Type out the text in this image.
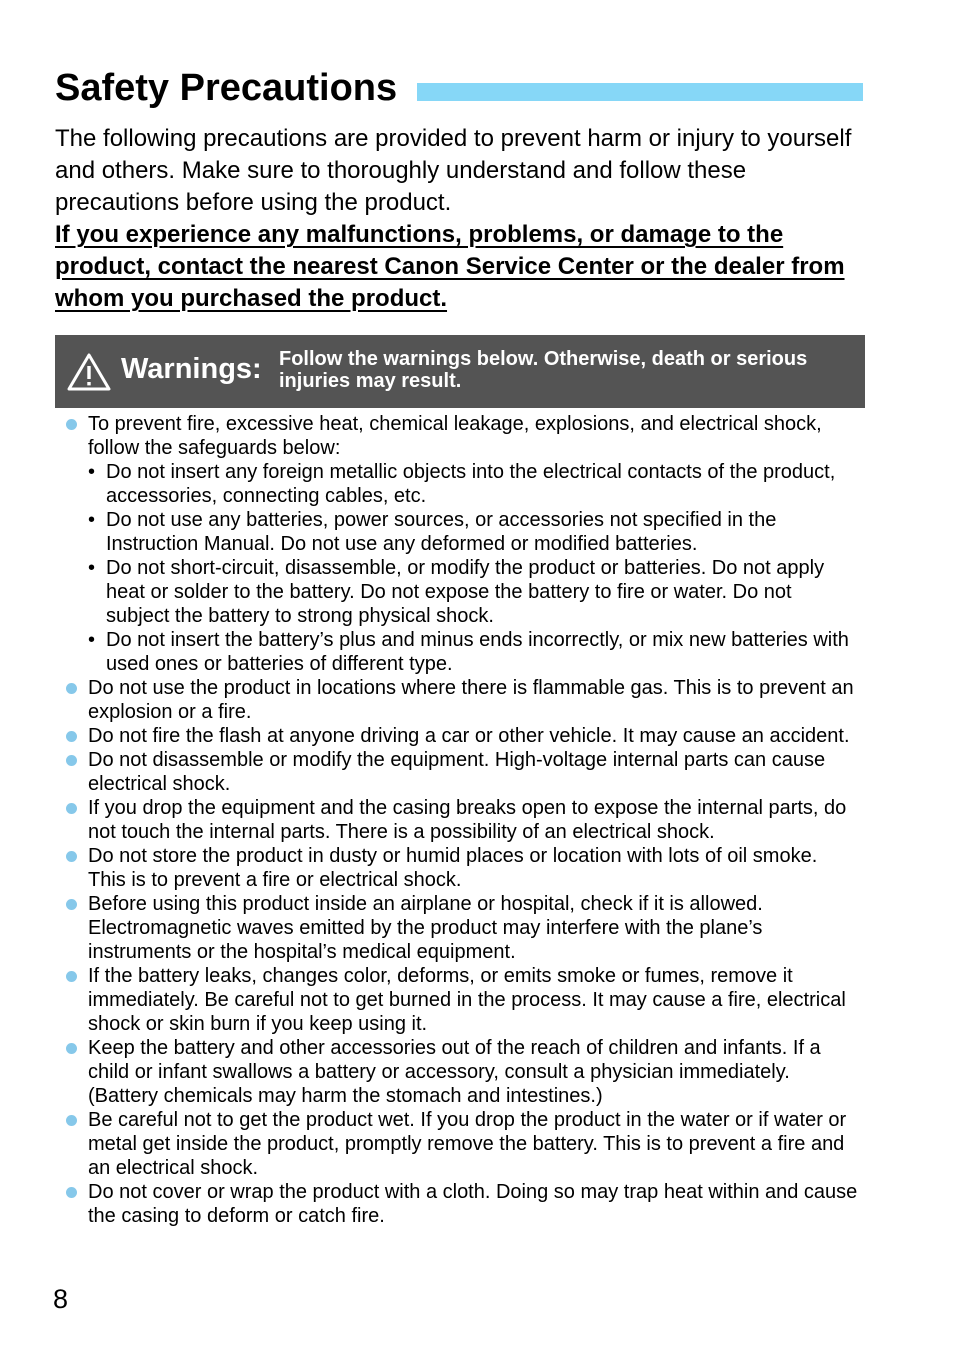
Safety Precautions

The following precautions are provided to prevent harm or injury to yourself and others. Make sure to thoroughly understand and follow these precautions before using the product.

If you experience any malfunctions, problems, or damage to the product, contact the nearest Canon Service Center or the dealer from whom you purchased the product.

Warnings: Follow the warnings below. Otherwise, death or serious injuries may result.
To prevent fire, excessive heat, chemical leakage, explosions, and electrical shock, follow the safeguards below:
• Do not insert any foreign metallic objects into the electrical contacts of the product, accessories, connecting cables, etc.
• Do not use any batteries, power sources, or accessories not specified in the Instruction Manual. Do not use any deformed or modified batteries.
• Do not short-circuit, disassemble, or modify the product or batteries. Do not apply heat or solder to the battery. Do not expose the battery to fire or water. Do not subject the battery to strong physical shock.
• Do not insert the battery’s plus and minus ends incorrectly, or mix new batteries with used ones or batteries of different type.
Do not use the product in locations where there is flammable gas. This is to prevent an explosion or a fire.
Do not fire the flash at anyone driving a car or other vehicle. It may cause an accident.
Do not disassemble or modify the equipment. High-voltage internal parts can cause electrical shock.
If you drop the equipment and the casing breaks open to expose the internal parts, do not touch the internal parts. There is a possibility of an electrical shock.
Do not store the product in dusty or humid places or location with lots of oil smoke. This is to prevent a fire or electrical shock.
Before using this product inside an airplane or hospital, check if it is allowed. Electromagnetic waves emitted by the product may interfere with the plane’s instruments or the hospital’s medical equipment.
If the battery leaks, changes color, deforms, or emits smoke or fumes, remove it immediately. Be careful not to get burned in the process. It may cause a fire, electrical shock or skin burn if you keep using it.
Keep the battery and other accessories out of the reach of children and infants. If a child or infant swallows a battery or accessory, consult a physician immediately. (Battery chemicals may harm the stomach and intestines.)
Be careful not to get the product wet. If you drop the product in the water or if water or metal get inside the product, promptly remove the battery. This is to prevent a fire and an electrical shock.
Do not cover or wrap the product with a cloth. Doing so may trap heat within and cause the casing to deform or catch fire.
8
